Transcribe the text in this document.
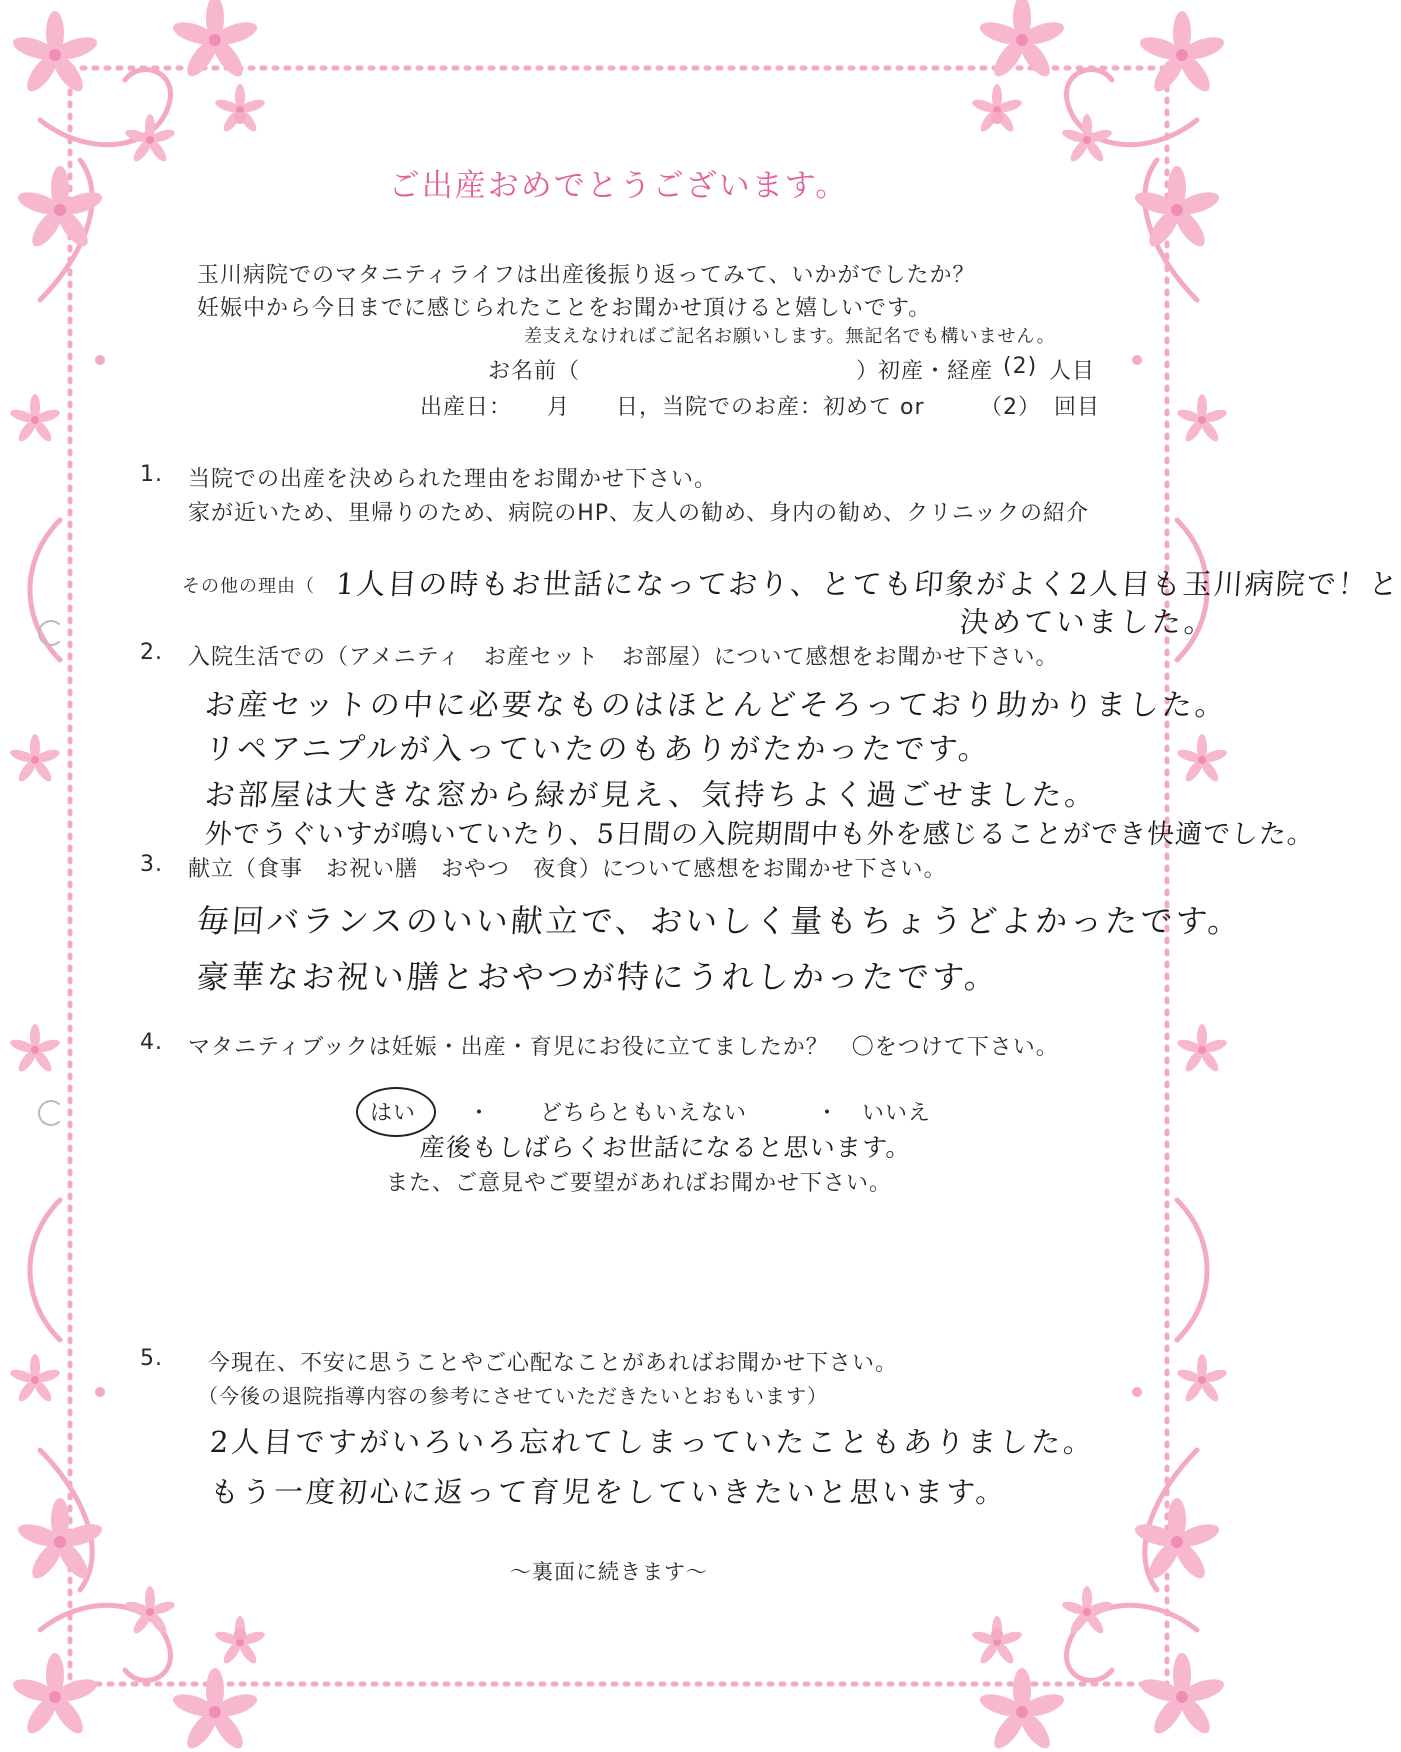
ご出産おめでとうございます。
玉川病院でのマタニティライフは出産後振り返ってみて、いかがでしたか？
妊娠中から今日までに感じられたことをお聞かせ頂けると嬉しいです。
差支えなければご記名お願いします。無記名でも構いません。
お名前（　　　　　　　　　　　　）
初産・経産 (2) 人目
出産日：　　月　　日，当院でのお産：初めて or	（2） 回目
1. 当院での出産を決められた理由をお聞かせ下さい。
家が近いため、里帰りのため、病院のHP、友人の勧め、身内の勧め、クリニックの紹介
その他の理由（ 1人目の時もお世話になっており、とても印象がよく2人目も玉川病院で！と
決めていました。
2. 入院生活での（アメニティ　お産セット　お部屋）について感想をお聞かせ下さい。
お産セットの中に必要なものはほとんどそろっており助かりました。
リペアニプルが入っていたのもありがたかったです。
お部屋は大きな窓から緑が見え、気持ちよく過ごせました。
外でうぐいすが鳴いていたり、5日間の入院期間中も外を感じることができ快適でした。
3. 献立（食事　お祝い膳　おやつ　夜食）について感想をお聞かせ下さい。
毎回バランスのいい献立で、おいしく量もちょうどよかったです。
豪華なお祝い膳とおやつが特にうれしかったです。
4. マタニティブックは妊娠・出産・育児にお役に立てましたか？　〇をつけて下さい。
はい ・ どちらともいえない	・ いいえ
産後もしばらくお世話になると思います。
また、ご意見やご要望があればお聞かせ下さい。
5. 今現在、不安に思うことやご心配なことがあればお聞かせ下さい。
（今後の退院指導内容の参考にさせていただきたいとおもいます）
2人目ですがいろいろ忘れてしまっていたこともありました。
もう一度初心に返って育児をしていきたいと思います。
〜裏面に続きます〜
